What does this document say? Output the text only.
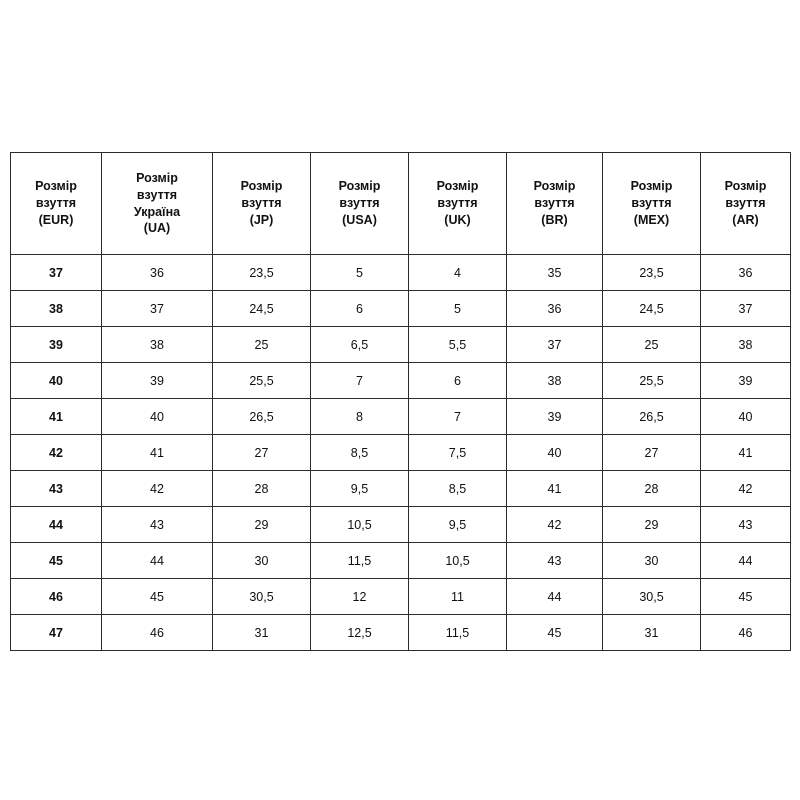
Розмір
взуття
(EUR)	Розмір
взуття
Україна
(UA)	Розмір
взуття
(JP)	Розмір
взуття
(USA)	Розмір
взуття
(UK)	Розмір
взуття
(BR)	Розмір
взуття
(MEX)	Розмір
взуття
(AR)

37	36	23,5	5	4	35	23,5	36
38	37	24,5	6	5	36	24,5	37
39	38	25	6,5	5,5	37	25	38
40	39	25,5	7	6	38	25,5	39
41	40	26,5	8	7	39	26,5	40
42	41	27	8,5	7,5	40	27	41
43	42	28	9,5	8,5	41	28	42
44	43	29	10,5	9,5	42	29	43
45	44	30	11,5	10,5	43	30	44
46	45	30,5	12	11	44	30,5	45
47	46	31	12,5	11,5	45	31	46
